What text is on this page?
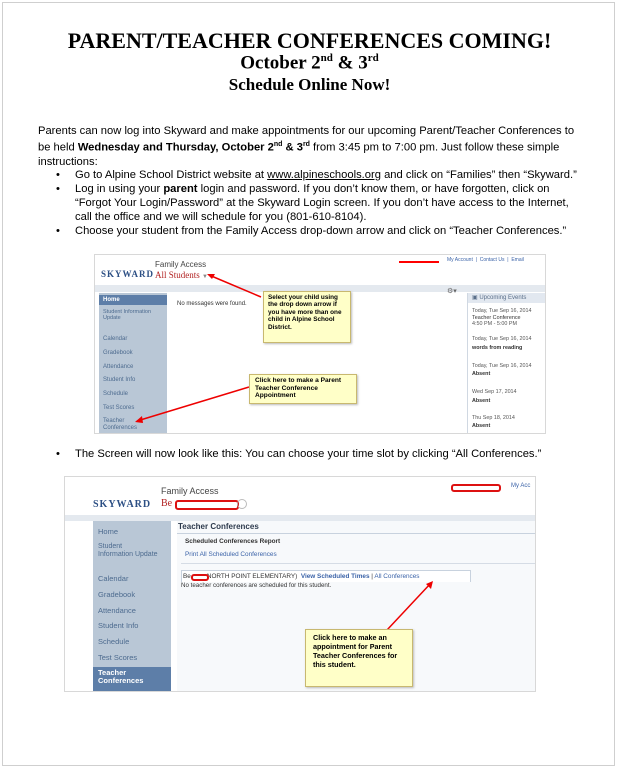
PARENT/TEACHER CONFERENCES COMING!
October 2nd & 3rd
Schedule Online Now!
Parents can now log into Skyward and make appointments for our upcoming Parent/Teacher Conferences to be held Wednesday and Thursday, October 2nd & 3rd from 3:45 pm to 7:00 pm. Just follow these simple instructions:
• Go to Alpine School District website at www.alpineschools.org and click on “Families” then “Skyward.”
• Log in using your parent login and password. If you don’t know them, or have forgotten, click on “Forgot Your Login/Password” at the Skyward Login screen. If you don’t have access to the Internet, call the office and we will schedule for you (801-610-8104).
• Choose your student from the Family Access drop-down arrow and click on “Teacher Conferences.”
SKYWARD
Family Access
All Students ▼
My Account  |  Contact Us  |  Email
Home
Student Information Update
Calendar
Gradebook
Attendance
Student Info
Schedule
Test Scores
Teacher Conferences
No messages were found.
⚙▾
▣ Upcoming Events
Today, Tue Sep 16, 2014
Teacher Conference
4:50 PM - 5:00 PM
Today, Tue Sep 16, 2014
words from reading
Today, Tue Sep 16, 2014
Absent
Wed Sep 17, 2014
Absent
Thu Sep 18, 2014
Absent
Select your child using the drop down arrow if you have more than one child in Alpine School District.
Click here to make a Parent Teacher Conference Appointment
• The Screen will now look like this: You can choose your time slot by clicking “All Conferences.”
SKYWARD
Family Access
Be
My Acc
Home
Student Information Update
Calendar
Gradebook
Attendance
Student Info
Schedule
Test Scores
Teacher Conferences
Teacher Conferences
Scheduled Conferences Report
Print All Scheduled Conferences
Be	NORTH POINT ELEMENTARY) View Scheduled Times | All Conferences
No teacher conferences are scheduled for this student.
Click here to make an appointment for Parent Teacher Conferences for this student.
